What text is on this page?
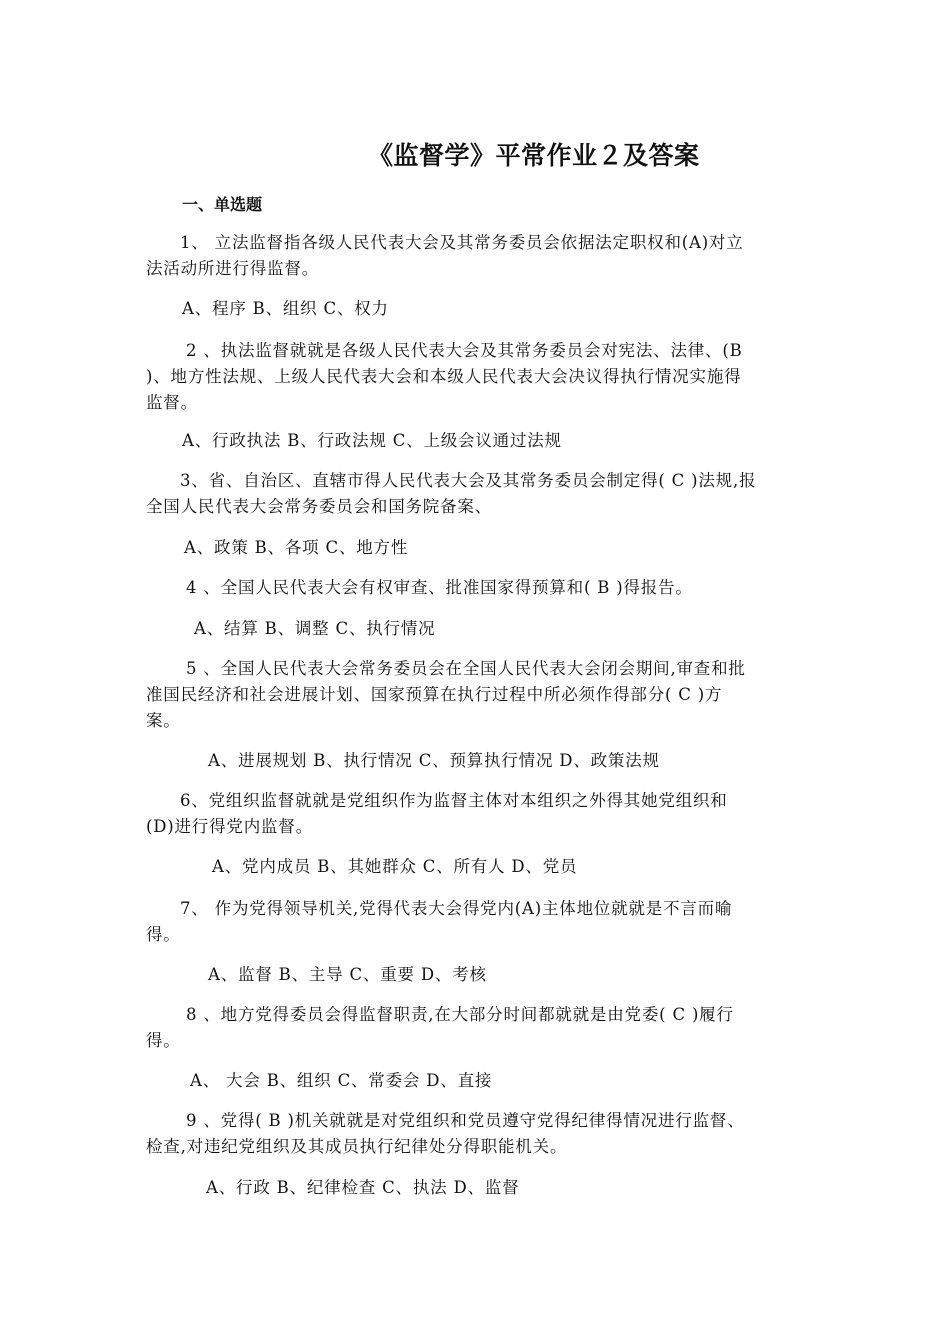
《监督学》平常作业２及答案
一、单选题
1、 立法监督指各级人民代表大会及其常务委员会依据法定职权和(A)对立
法活动所进行得监督。
A、程序 B、组织 C、权力
2 、执法监督就就是各级人民代表大会及其常务委员会对宪法、法律、(B
)、地方性法规、上级人民代表大会和本级人民代表大会决议得执行情况实施得
监督。
A、行政执法 B、行政法规 C、上级会议通过法规
3、省、自治区、直辖市得人民代表大会及其常务委员会制定得( C )法规,报
全国人民代表大会常务委员会和国务院备案、
A、政策 B、各项 C、地方性
4 、全国人民代表大会有权审查、批准国家得预算和( B )得报告。
A、结算 B、调整 C、执行情况
5 、全国人民代表大会常务委员会在全国人民代表大会闭会期间,审查和批
准国民经济和社会进展计划、国家预算在执行过程中所必须作得部分( C )方
案。
A、进展规划 B、执行情况 C、预算执行情况 D、政策法规
6、党组织监督就就是党组织作为监督主体对本组织之外得其她党组织和
(D)进行得党内监督。
A、党内成员 B、其她群众 C、所有人 D、党员
7、 作为党得领导机关,党得代表大会得党内(A)主体地位就就是不言而喻
得。
A、监督 B、主导 C、重要 D、考核
8 、地方党得委员会得监督职责,在大部分时间都就就是由党委( C )履行
得。
A、 大会 B、组织 C、常委会 D、直接
9 、党得( B )机关就就是对党组织和党员遵守党得纪律得情况进行监督、
检查,对违纪党组织及其成员执行纪律处分得职能机关。
A、行政 B、纪律检查 C、执法 D、监督
